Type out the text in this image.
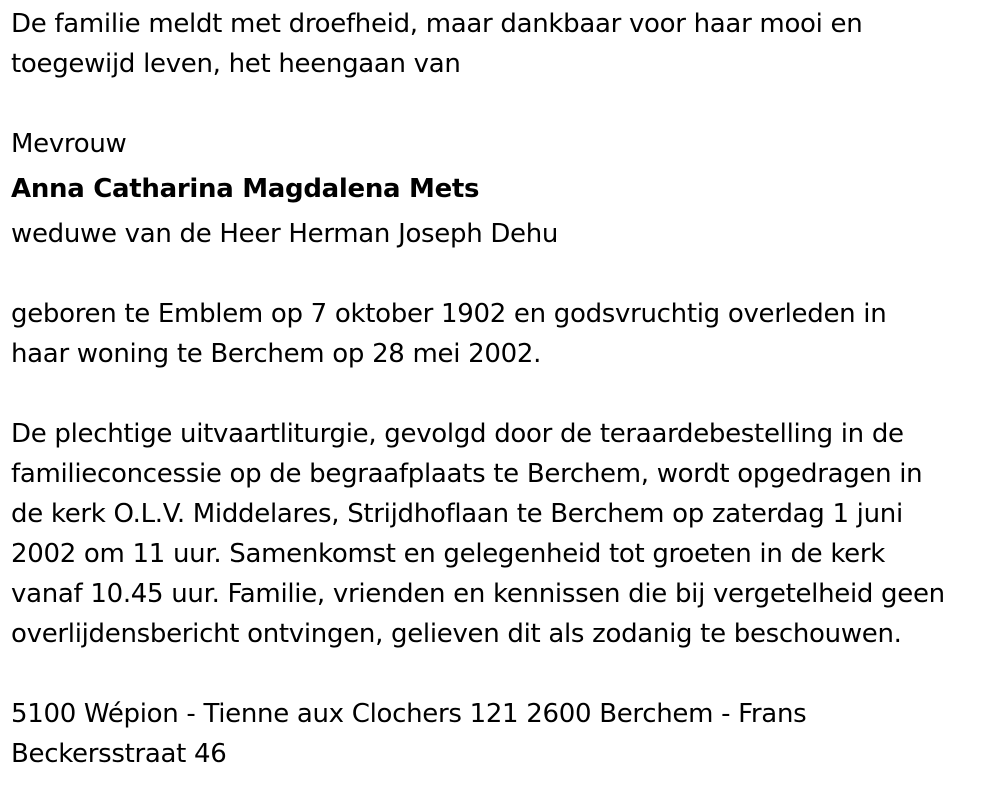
De familie meldt met droefheid, maar dankbaar voor haar mooi en
toegewijd leven, het heengaan van

Mevrouw

Anna Catharina Magdalena Mets

weduwe van de Heer Herman Joseph Dehu

geboren te Emblem op 7 oktober 1902 en godsvruchtig overleden in
haar woning te Berchem op 28 mei 2002.

De plechtige uitvaartliturgie, gevolgd door de teraardebestelling in de
familieconcessie op de begraafplaats te Berchem, wordt opgedragen in
de kerk O.L.V. Middelares, Strijdhoflaan te Berchem op zaterdag 1 juni
2002 om 11 uur. Samenkomst en gelegenheid tot groeten in de kerk
vanaf 10.45 uur. Familie, vrienden en kennissen die bij vergetelheid geen
overlijdensbericht ontvingen, gelieven dit als zodanig te beschouwen.

5100 Wépion - Tienne aux Clochers 121 2600 Berchem - Frans
Beckersstraat 46
